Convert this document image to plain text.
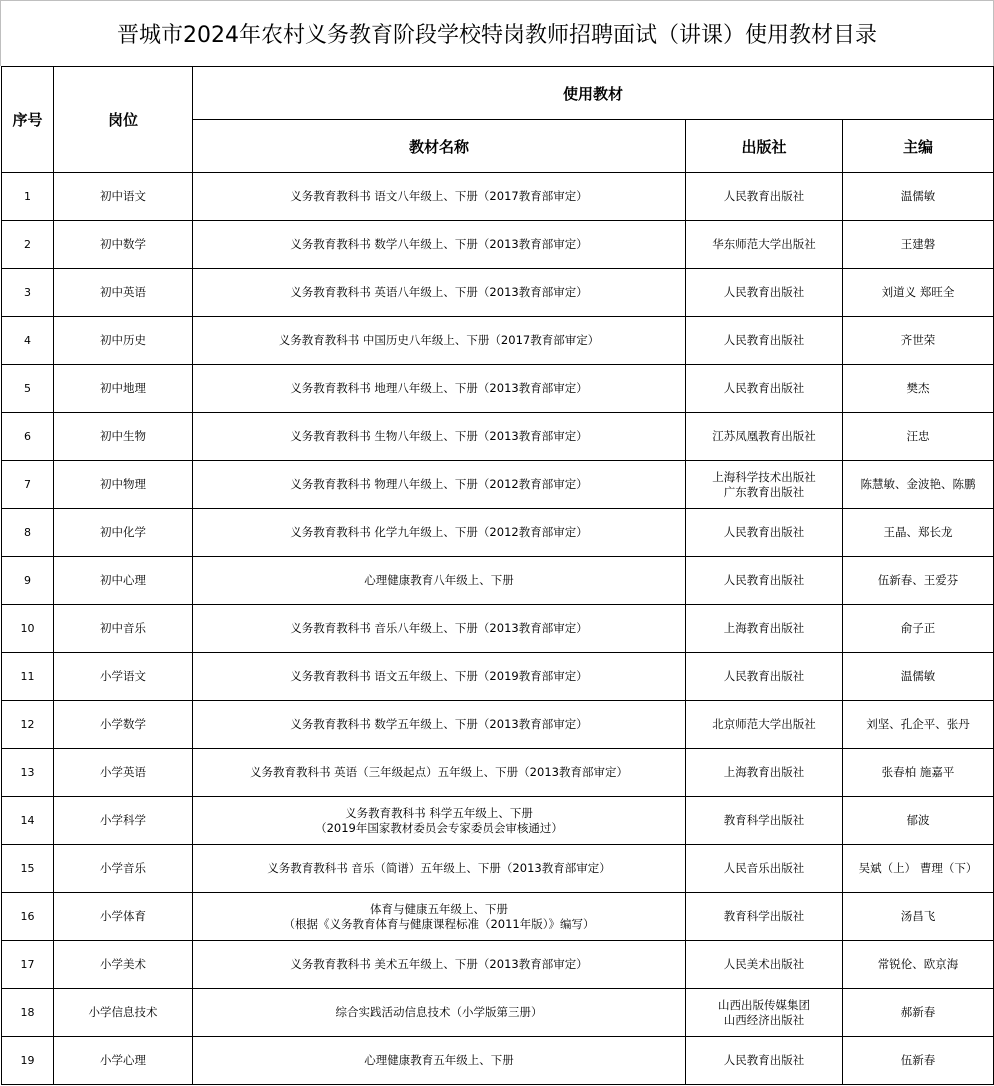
晋城市2024年农村义务教育阶段学校特岗教师招聘面试（讲课）使用教材目录
序号	岗位	使用教材		
		教材名称	出版社	主编
1	初中语文	义务教育教科书 语文八年级上、下册（2017教育部审定）	人民教育出版社	温儒敏
2	初中数学	义务教育教科书 数学八年级上、下册（2013教育部审定）	华东师范大学出版社	王建磐
3	初中英语	义务教育教科书 英语八年级上、下册（2013教育部审定）	人民教育出版社	刘道义 郑旺全
4	初中历史	义务教育教科书 中国历史八年级上、下册（2017教育部审定）	人民教育出版社	齐世荣
5	初中地理	义务教育教科书 地理八年级上、下册（2013教育部审定）	人民教育出版社	樊杰
6	初中生物	义务教育教科书 生物八年级上、下册（2013教育部审定）	江苏凤凰教育出版社	汪忠
7	初中物理	义务教育教科书 物理八年级上、下册（2012教育部审定）	上海科学技术出版社
广东教育出版社	陈慧敏、金波艳、陈鹏
8	初中化学	义务教育教科书 化学九年级上、下册（2012教育部审定）	人民教育出版社	王晶、郑长龙
9	初中心理	心理健康教育八年级上、下册	人民教育出版社	伍新春、王爱芬
10	初中音乐	义务教育教科书 音乐八年级上、下册（2013教育部审定）	上海教育出版社	俞子正
11	小学语文	义务教育教科书 语文五年级上、下册（2019教育部审定）	人民教育出版社	温儒敏
12	小学数学	义务教育教科书 数学五年级上、下册（2013教育部审定）	北京师范大学出版社	刘坚、孔企平、张丹
13	小学英语	义务教育教科书 英语（三年级起点）五年级上、下册（2013教育部审定）	上海教育出版社	张春柏 施嘉平
14	小学科学	义务教育教科书 科学五年级上、下册
（2019年国家教材委员会专家委员会审核通过）	教育科学出版社	郁波
15	小学音乐	义务教育教科书 音乐（简谱）五年级上、下册（2013教育部审定）	人民音乐出版社	吴斌（上） 曹理（下）
16	小学体育	体育与健康五年级上、下册
（根据《义务教育体育与健康课程标准（2011年版）》编写）	教育科学出版社	汤昌飞
17	小学美术	义务教育教科书 美术五年级上、下册（2013教育部审定）	人民美术出版社	常锐伦、欧京海
18	小学信息技术	综合实践活动信息技术（小学版第三册）	山西出版传媒集团
山西经济出版社	郝新春
19	小学心理	心理健康教育五年级上、下册	人民教育出版社	伍新春
